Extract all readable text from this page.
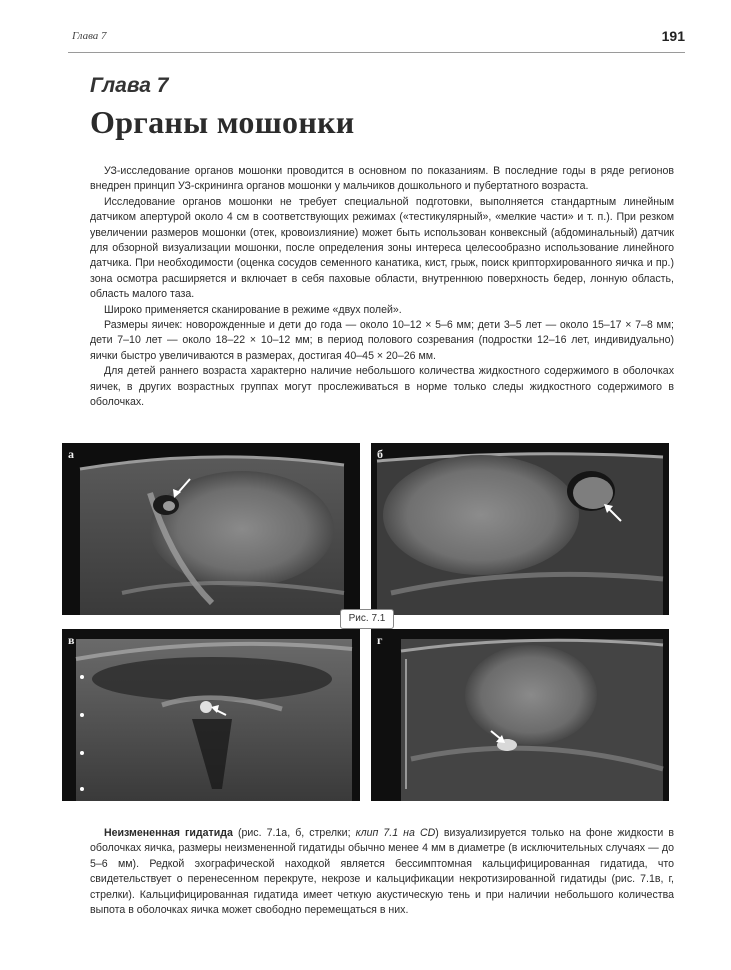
Глава 7	191
Глава 7
Органы мошонки

УЗ-исследование органов мошонки проводится в основном по показаниям. В последние годы в ряде регионов внедрен принцип УЗ-скрининга органов мошонки у мальчиков дошкольного и пубертатного возраста.

Исследование органов мошонки не требует специальной подготовки, выполняется стандартным линейным датчиком апертурой около 4 см в соответствующих режимах («тестикулярный», «мелкие части» и т. п.). При резком увеличении размеров мошонки (отек, кровоизлияние) может быть использован конвексный (абдоминальный) датчик для обзорной визуализации мошонки, после определения зоны интереса целесообразно использование линейного датчика. При необходимости (оценка сосудов семенного канатика, кист, грыж, поиск крипторхированного яичка и пр.) зона осмотра расширяется и включает в себя паховые области, внутреннюю поверхность бедер, лонную область, область малого таза.

Широко применяется сканирование в режиме «двух полей».

Размеры яичек: новорожденные и дети до года — около 10–12 × 5–6 мм; дети 3–5 лет — около 15–17 × 7–8 мм; дети 7–10 лет — около 18–22 × 10–12 мм; в период полового созревания (подростки 12–16 лет, индивидуально) яички быстро увеличиваются в размерах, достигая 40–45 × 20–26 мм.

Для детей раннего возраста характерно наличие небольшого количества жидкостного содержимого в оболочках яичек, в других возрастных группах могут прослеживаться в норме только следы жидкостного содержимого в оболочках.

а	б
в	г
Рис. 7.1

Неизмененная гидатида (рис. 7.1а, б, стрелки; клип 7.1 на CD) визуализируется только на фоне жидкости в оболочках яичка, размеры неизмененной гидатиды обычно менее 4 мм в диаметре (в исключительных случаях — до 5–6 мм). Редкой эхографической находкой является бессимптомная кальцифицированная гидатида, что свидетельствует о перенесенном перекруте, некрозе и кальцификации некротизированной гидатиды (рис. 7.1в, г, стрелки). Кальцифицированная гидатида имеет четкую акустическую тень и при наличии небольшого количества выпота в оболочках яичка может свободно перемещаться в них.
